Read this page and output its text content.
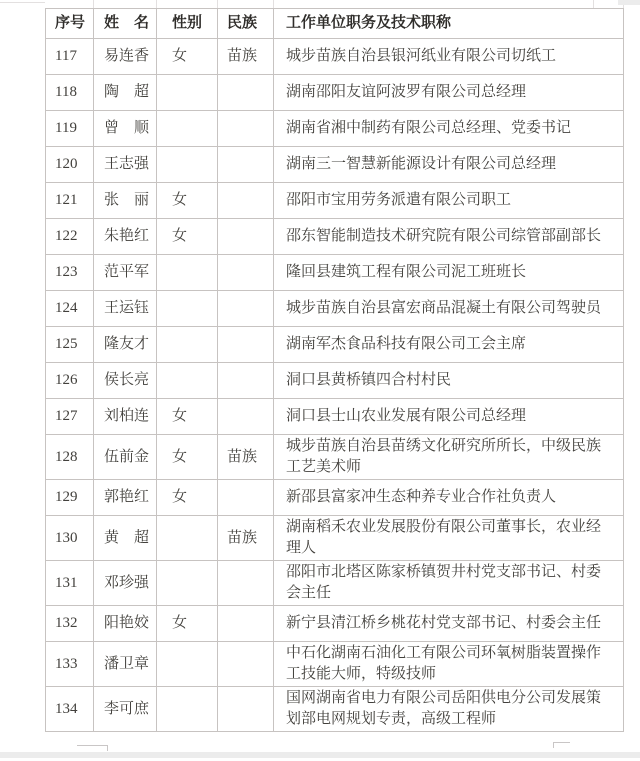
序号	姓　名	性别	民族	工作单位职务及技术职称
117	易连香	女	苗族	城步苗族自治县银河纸业有限公司切纸工
118	陶　超			湖南邵阳友谊阿波罗有限公司总经理
119	曾　顺			湖南省湘中制药有限公司总经理、党委书记
120	王志强			湖南三一智慧新能源设计有限公司总经理
121	张　丽	女		邵阳市宝用劳务派遣有限公司职工
122	朱艳红	女		邵东智能制造技术研究院有限公司综管部副部长
123	范平军			隆回县建筑工程有限公司泥工班班长
124	王运钰			城步苗族自治县富宏商品混凝土有限公司驾驶员
125	隆友才			湖南军杰食品科技有限公司工会主席
126	侯长亮			洞口县黄桥镇四合村村民
127	刘柏连	女		洞口县士山农业发展有限公司总经理
128	伍前金	女	苗族	城步苗族自治县苗绣文化研究所所长，中级民族工艺美术师
129	郭艳红	女		新邵县富家冲生态种养专业合作社负责人
130	黄　超		苗族	湖南稻禾农业发展股份有限公司董事长，农业经理人
131	邓珍强			邵阳市北塔区陈家桥镇贺井村党支部书记、村委会主任
132	阳艳姣	女		新宁县清江桥乡桃花村党支部书记、村委会主任
133	潘卫章			中石化湖南石油化工有限公司环氧树脂装置操作工技能大师，特级技师
134	李可庶			国网湖南省电力有限公司岳阳供电分公司发展策划部电网规划专责，高级工程师
